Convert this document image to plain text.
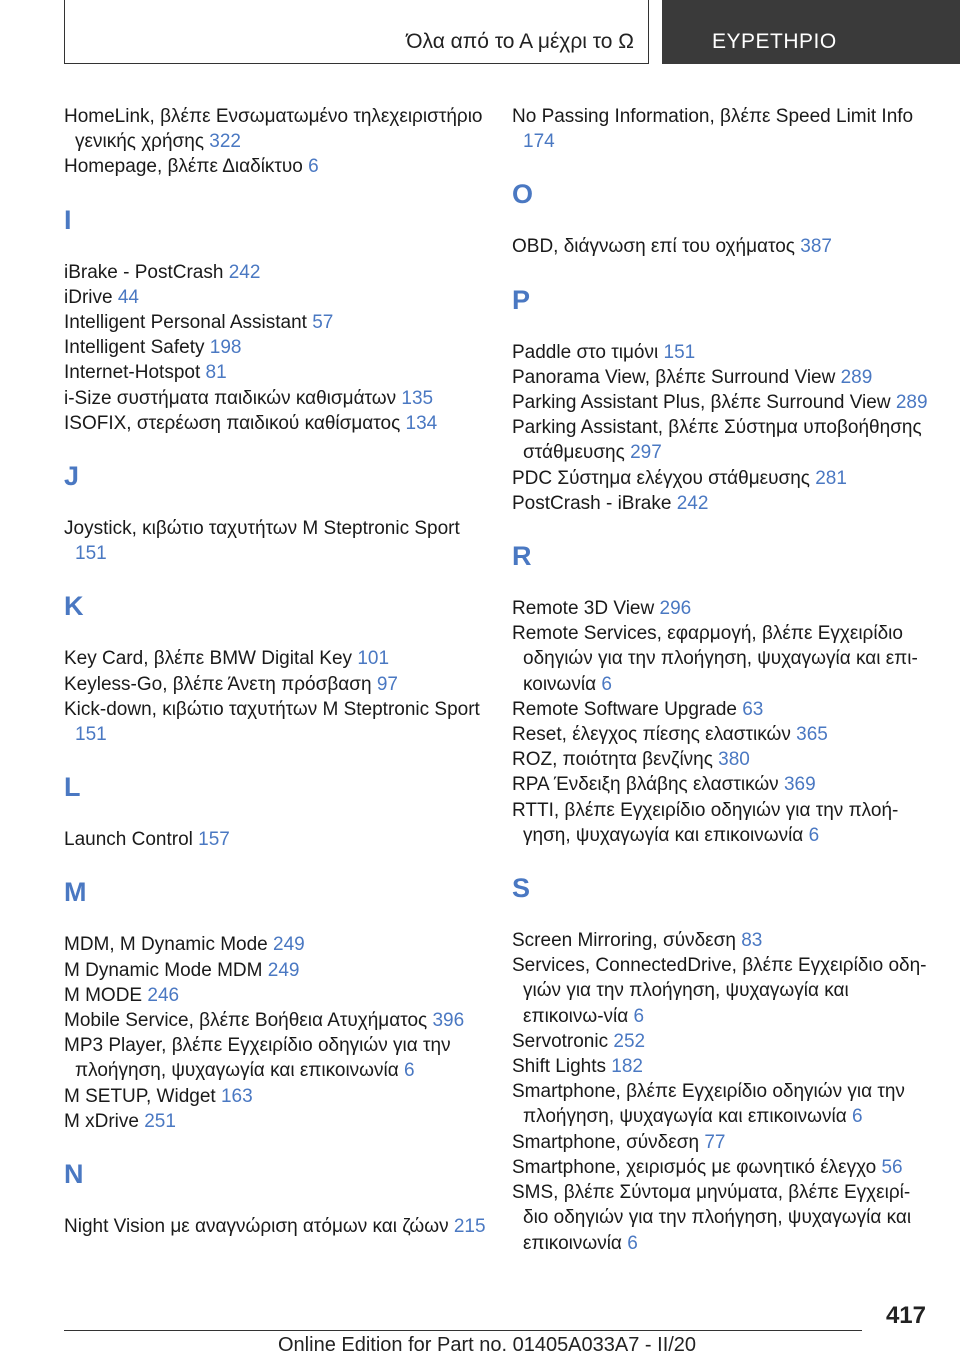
Όλα από το Α μέχρι το Ω	ΕΥΡΕΤΗΡΙΟ
HomeLink, βλέπε Ενσωματωμένο τηλεχειριστήριο γενικής χρήσης 322
Homepage, βλέπε Διαδίκτυο 6
I
iBrake - PostCrash 242
iDrive 44
Intelligent Personal Assistant 57
Intelligent Safety 198
Internet-Hotspot 81
i-Size συστήματα παιδικών καθισμάτων 135
ISOFIX, στερέωση παιδικού καθίσματος 134
J
Joystick, κιβώτιο ταχυτήτων M Steptronic Sport 151
K
Key Card, βλέπε BMW Digital Key 101
Keyless-Go, βλέπε Άνετη πρόσβαση 97
Kick-down, κιβώτιο ταχυτήτων M Steptronic Sport 151
L
Launch Control 157
M
MDM, M Dynamic Mode 249
M Dynamic Mode MDM 249
M MODE 246
Mobile Service, βλέπε Βοήθεια Ατυχήματος 396
MP3 Player, βλέπε Εγχειρίδιο οδηγιών για την πλοήγηση, ψυχαγωγία και επικοινωνία 6
M SETUP, Widget 163
M xDrive 251
N
Night Vision με αναγνώριση ατόμων και ζώων 215
No Passing Information, βλέπε Speed Limit Info 174
O
OBD, διάγνωση επί του οχήματος 387
P
Paddle στο τιμόνι 151
Panorama View, βλέπε Surround View 289
Parking Assistant Plus, βλέπε Surround View 289
Parking Assistant, βλέπε Σύστημα υποβοήθησης στάθμευσης 297
PDC Σύστημα ελέγχου στάθμευσης 281
PostCrash - iBrake 242
R
Remote 3D View 296
Remote Services, εφαρμογή, βλέπε Εγχειρίδιο οδηγιών για την πλοήγηση, ψυχαγωγία και επι‐κοινωνία 6
Remote Software Upgrade 63
Reset, έλεγχος πίεσης ελαστικών 365
ROZ, ποιότητα βενζίνης 380
RPA Ένδειξη βλάβης ελαστικών 369
RTTI, βλέπε Εγχειρίδιο οδηγιών για την πλοή‐γηση, ψυχαγωγία και επικοινωνία 6
S
Screen Mirroring, σύνδεση 83
Services, ConnectedDrive, βλέπε Εγχειρίδιο οδη‐γιών για την πλοήγηση, ψυχαγωγία και επικοινω‐νία 6
Servotronic 252
Shift Lights 182
Smartphone, βλέπε Εγχειρίδιο οδηγιών για την πλοήγηση, ψυχαγωγία και επικοινωνία 6
Smartphone, σύνδεση 77
Smartphone, χειρισμός με φωνητικό έλεγχο 56
SMS, βλέπε Σύντομα μηνύματα, βλέπε Εγχειρί‐διο οδηγιών για την πλοήγηση, ψυχαγωγία και επικοινωνία 6
417
Online Edition for Part no. 01405A033A7 - II/20
